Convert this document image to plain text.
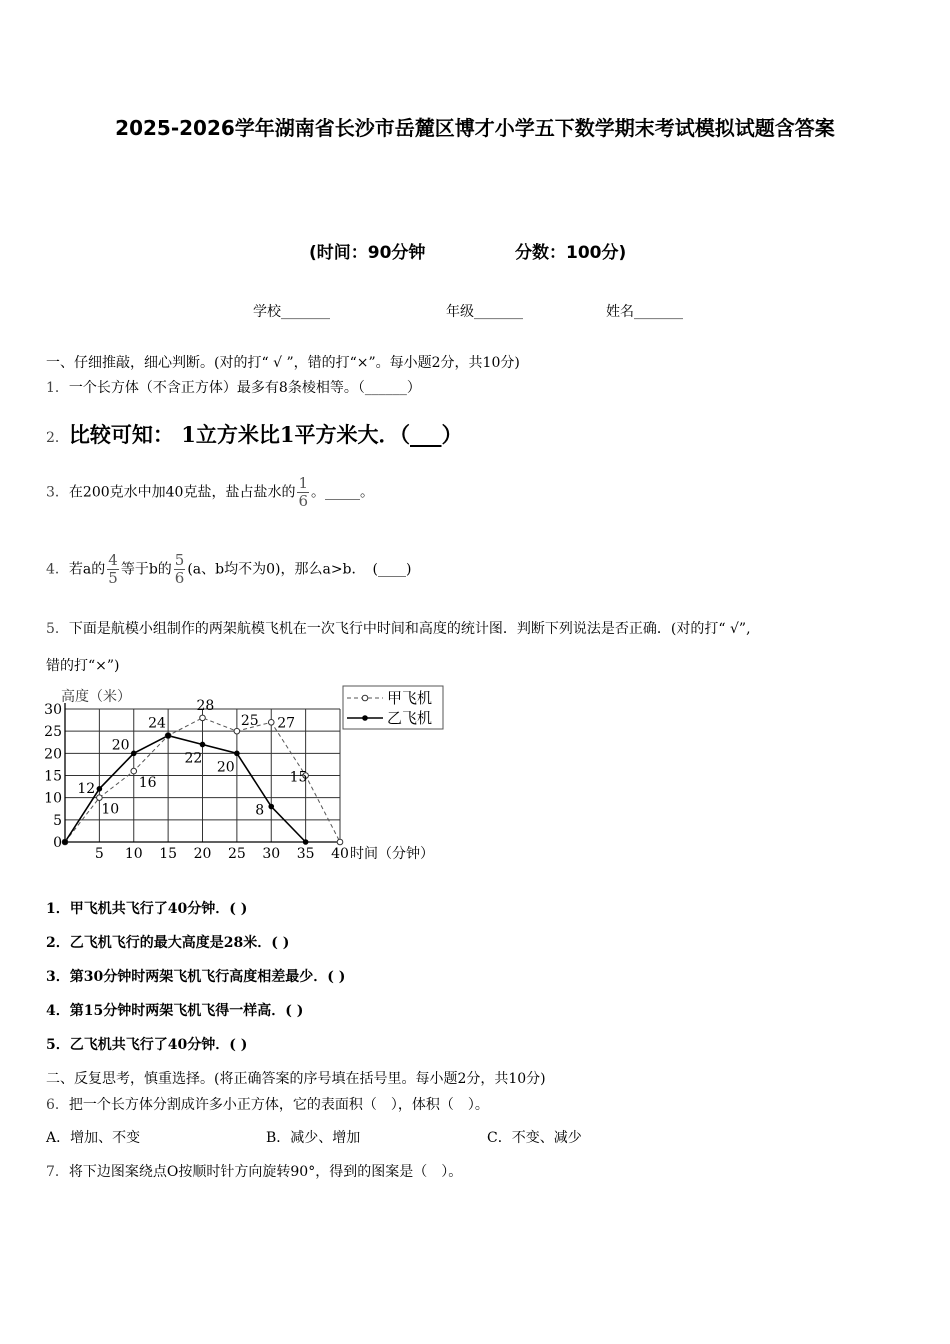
2025-2026学年湖南省长沙市岳麓区博才小学五下数学期末考试模拟试题含答案
(时间：90分钟	分数：100分)
学校_______	年级_______	姓名_______
一、仔细推敲，细心判断。(对的打“ √ ”，错的打“×”。每小题2分，共10分)
1．一个长方体（不含正方体）最多有8条棱相等。（______）
2．比较可知： 1立方米比1平方米大．（___）
3．在200克水中加40克盐，盐占盐水的 $\frac{1}{6}$ 。_____。
4．若a的 $\frac{4}{5}$ 等于b的 $\frac{5}{6} (a$、b均不为0)，那么a>b．　(____)
5．下面是航模小组制作的两架航模飞机在一次飞行中时间和高度的统计图．判断下列说法是否正确．(对的打“ √”,
错的打“×”)
0
5
10
15
20
25
30
5 10 15 20 25 30 35 40 时间（分钟）
高度（米）
12
10
20
16
24
28
22
25 27
20
8
15
甲飞机
乙飞机
1．甲飞机共飞行了40分钟．( )
2．乙飞机飞行的最大高度是28米．( )
3．第30分钟时两架飞机飞行高度相差最少．( )
4．第15分钟时两架飞机飞得一样高．( )
5．乙飞机共飞行了40分钟．( )
二、反复思考，慎重选择。(将正确答案的序号填在括号里。每小题2分，共10分)
6．把一个长方体分割成许多小正方体，它的表面积（　），体积（　）。
A．增加、不变	B．减少、增加	C．不变、减少
7．将下边图案绕点O按顺时针方向旋转90°，得到的图案是（　）。
